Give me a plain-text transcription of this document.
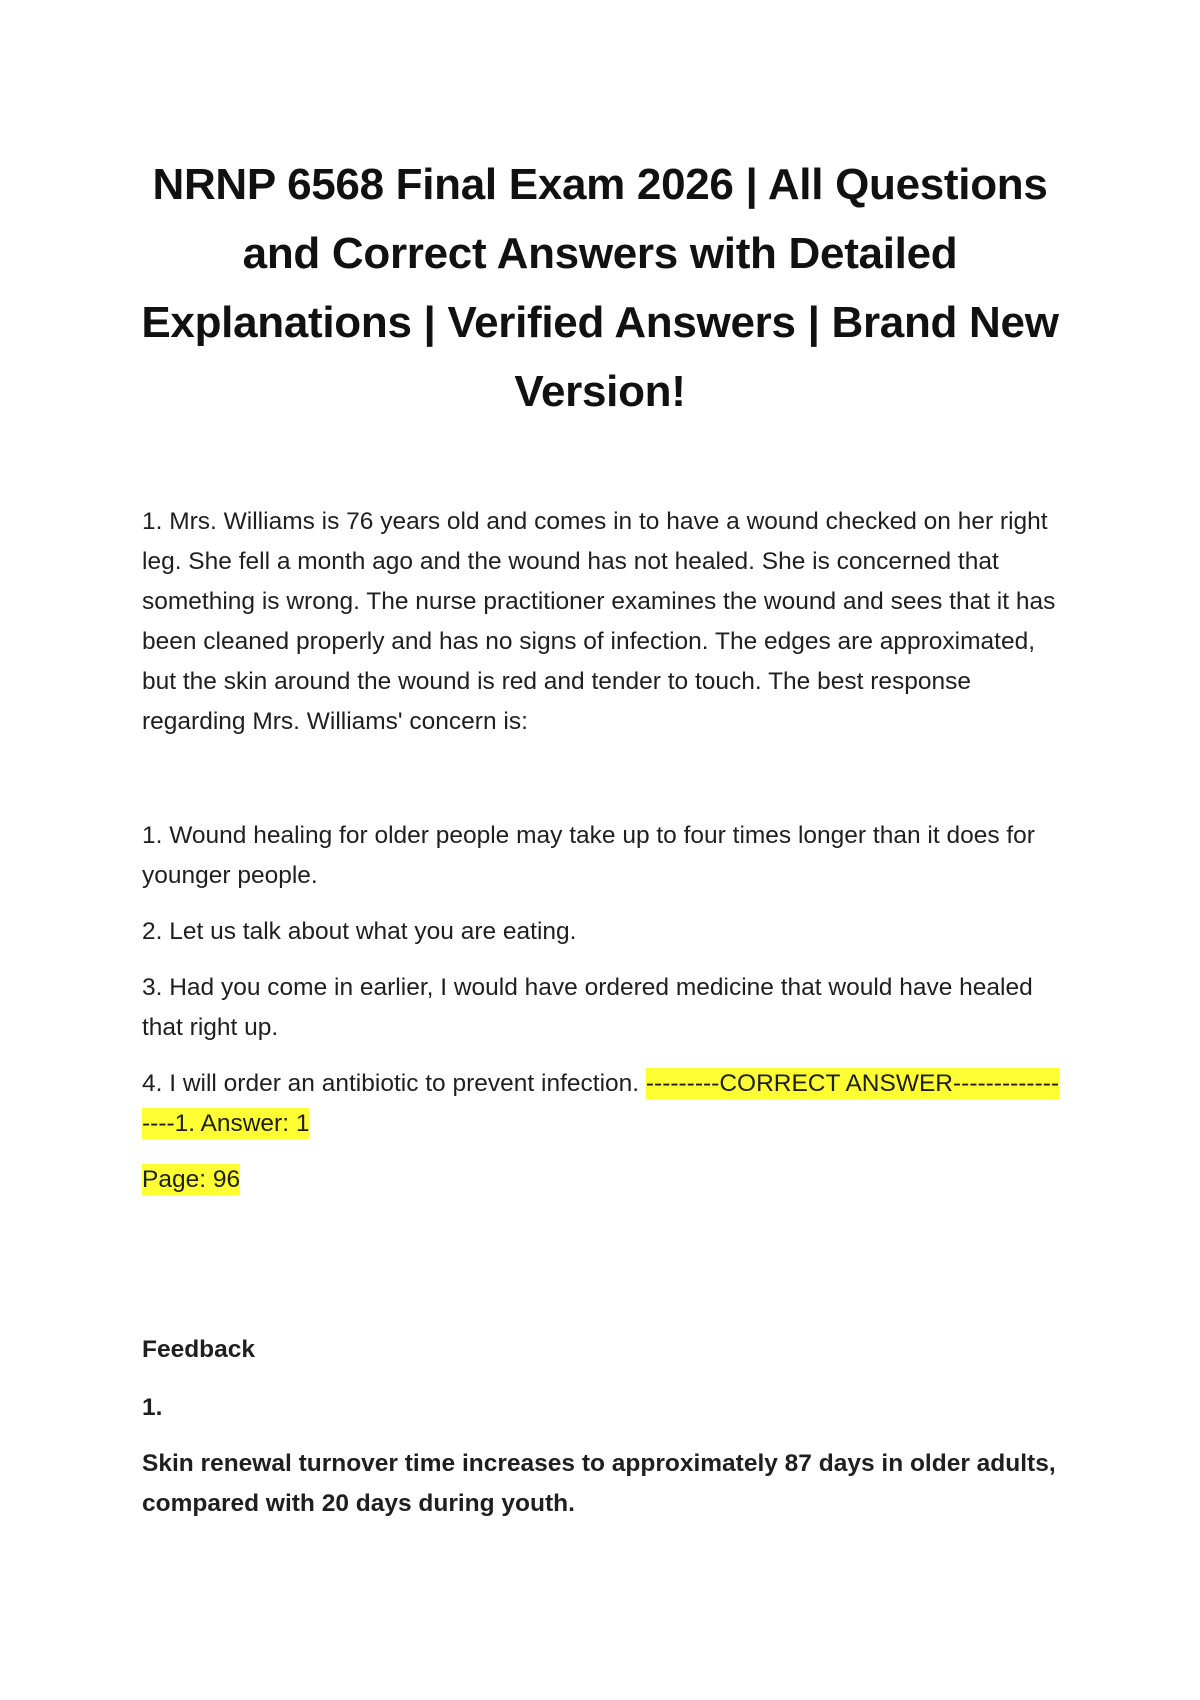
NRNP 6568 Final Exam 2026 | All Questions and Correct Answers with Detailed Explanations | Verified Answers | Brand New Version!

1. Mrs. Williams is 76 years old and comes in to have a wound checked on her right leg. She fell a month ago and the wound has not healed. She is concerned that something is wrong. The nurse practitioner examines the wound and sees that it has been cleaned properly and has no signs of infection. The edges are approximated, but the skin around the wound is red and tender to touch. The best response regarding Mrs. Williams' concern is:

1. Wound healing for older people may take up to four times longer than it does for younger people.

2. Let us talk about what you are eating.

3. Had you come in earlier, I would have ordered medicine that would have healed that right up.

4. I will order an antibiotic to prevent infection. ---------CORRECT ANSWER-----------------1. Answer: 1

Page: 96

Feedback

1.

Skin renewal turnover time increases to approximately 87 days in older adults, compared with 20 days during youth.
